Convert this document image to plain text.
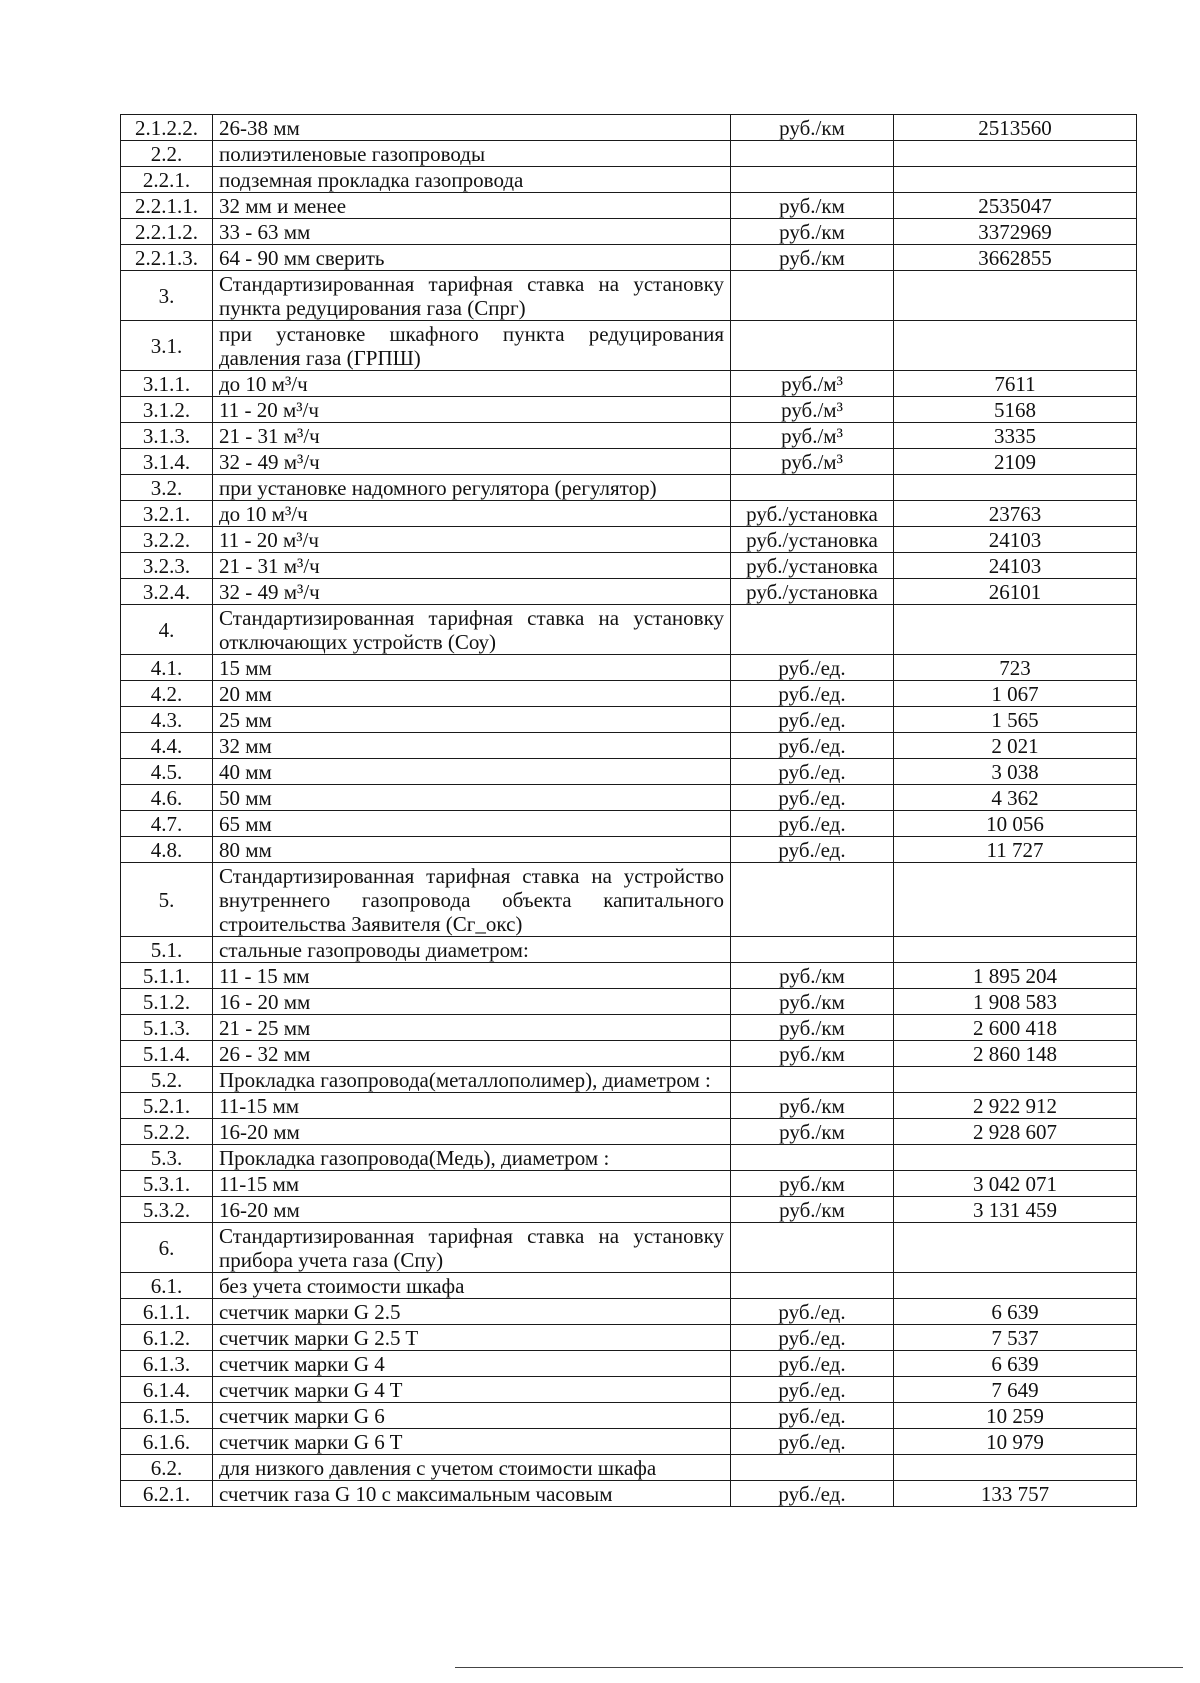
2.1.2.2.	26-38 мм	руб./км	2513560
2.2.	полиэтиленовые газопроводы		
2.2.1.	подземная прокладка газопровода		
2.2.1.1.	32 мм и менее	руб./км	2535047
2.2.1.2.	33 - 63 мм	руб./км	3372969
2.2.1.3.	64 - 90 мм сверить	руб./км	3662855
3.	Стандартизированная тарифная ставка на установку пункта редуцирования газа (Спрг)		
3.1.	при установке шкафного пункта редуцирования давления газа (ГРПШ)		
3.1.1.	до 10 м³/ч	руб./м³	7611
3.1.2.	11 - 20 м³/ч	руб./м³	5168
3.1.3.	21 - 31 м³/ч	руб./м³	3335
3.1.4.	32 - 49 м³/ч	руб./м³	2109
3.2.	при установке надомного регулятора (регулятор)		
3.2.1.	до 10 м³/ч	руб./установка	23763
3.2.2.	11 - 20 м³/ч	руб./установка	24103
3.2.3.	21 - 31 м³/ч	руб./установка	24103
3.2.4.	32 - 49 м³/ч	руб./установка	26101
4.	Стандартизированная тарифная ставка на установку отключающих устройств (Соу)		
4.1.	15 мм	руб./ед.	723
4.2.	20 мм	руб./ед.	1 067
4.3.	25 мм	руб./ед.	1 565
4.4.	32 мм	руб./ед.	2 021
4.5.	40 мм	руб./ед.	3 038
4.6.	50 мм	руб./ед.	4 362
4.7.	65 мм	руб./ед.	10 056
4.8.	80 мм	руб./ед.	11 727
5.	Стандартизированная тарифная ставка на устройство внутреннего газопровода объекта капитального строительства Заявителя (Сг_окс)		
5.1.	стальные газопроводы диаметром:		
5.1.1.	11 - 15 мм	руб./км	1 895 204
5.1.2.	16 - 20 мм	руб./км	1 908 583
5.1.3.	21 - 25 мм	руб./км	2 600 418
5.1.4.	26 - 32 мм	руб./км	2 860 148
5.2.	Прокладка газопровода(металлополимер), диаметром :		
5.2.1.	11-15 мм	руб./км	2 922 912
5.2.2.	16-20 мм	руб./км	2 928 607
5.3.	Прокладка газопровода(Медь), диаметром :		
5.3.1.	11-15 мм	руб./км	3 042 071
5.3.2.	16-20 мм	руб./км	3 131 459
6.	Стандартизированная тарифная ставка на установку прибора учета газа (Спу)		
6.1.	без учета стоимости шкафа		
6.1.1.	счетчик марки G 2.5	руб./ед.	6 639
6.1.2.	счетчик марки G 2.5 T	руб./ед.	7 537
6.1.3.	счетчик марки G 4	руб./ед.	6 639
6.1.4.	счетчик марки G 4 T	руб./ед.	7 649
6.1.5.	счетчик марки G 6	руб./ед.	10 259
6.1.6.	счетчик марки G 6 T	руб./ед.	10 979
6.2.	для низкого давления с учетом стоимости шкафа		
6.2.1.	счетчик газа G 10 с максимальным часовым	руб./ед.	133 757
